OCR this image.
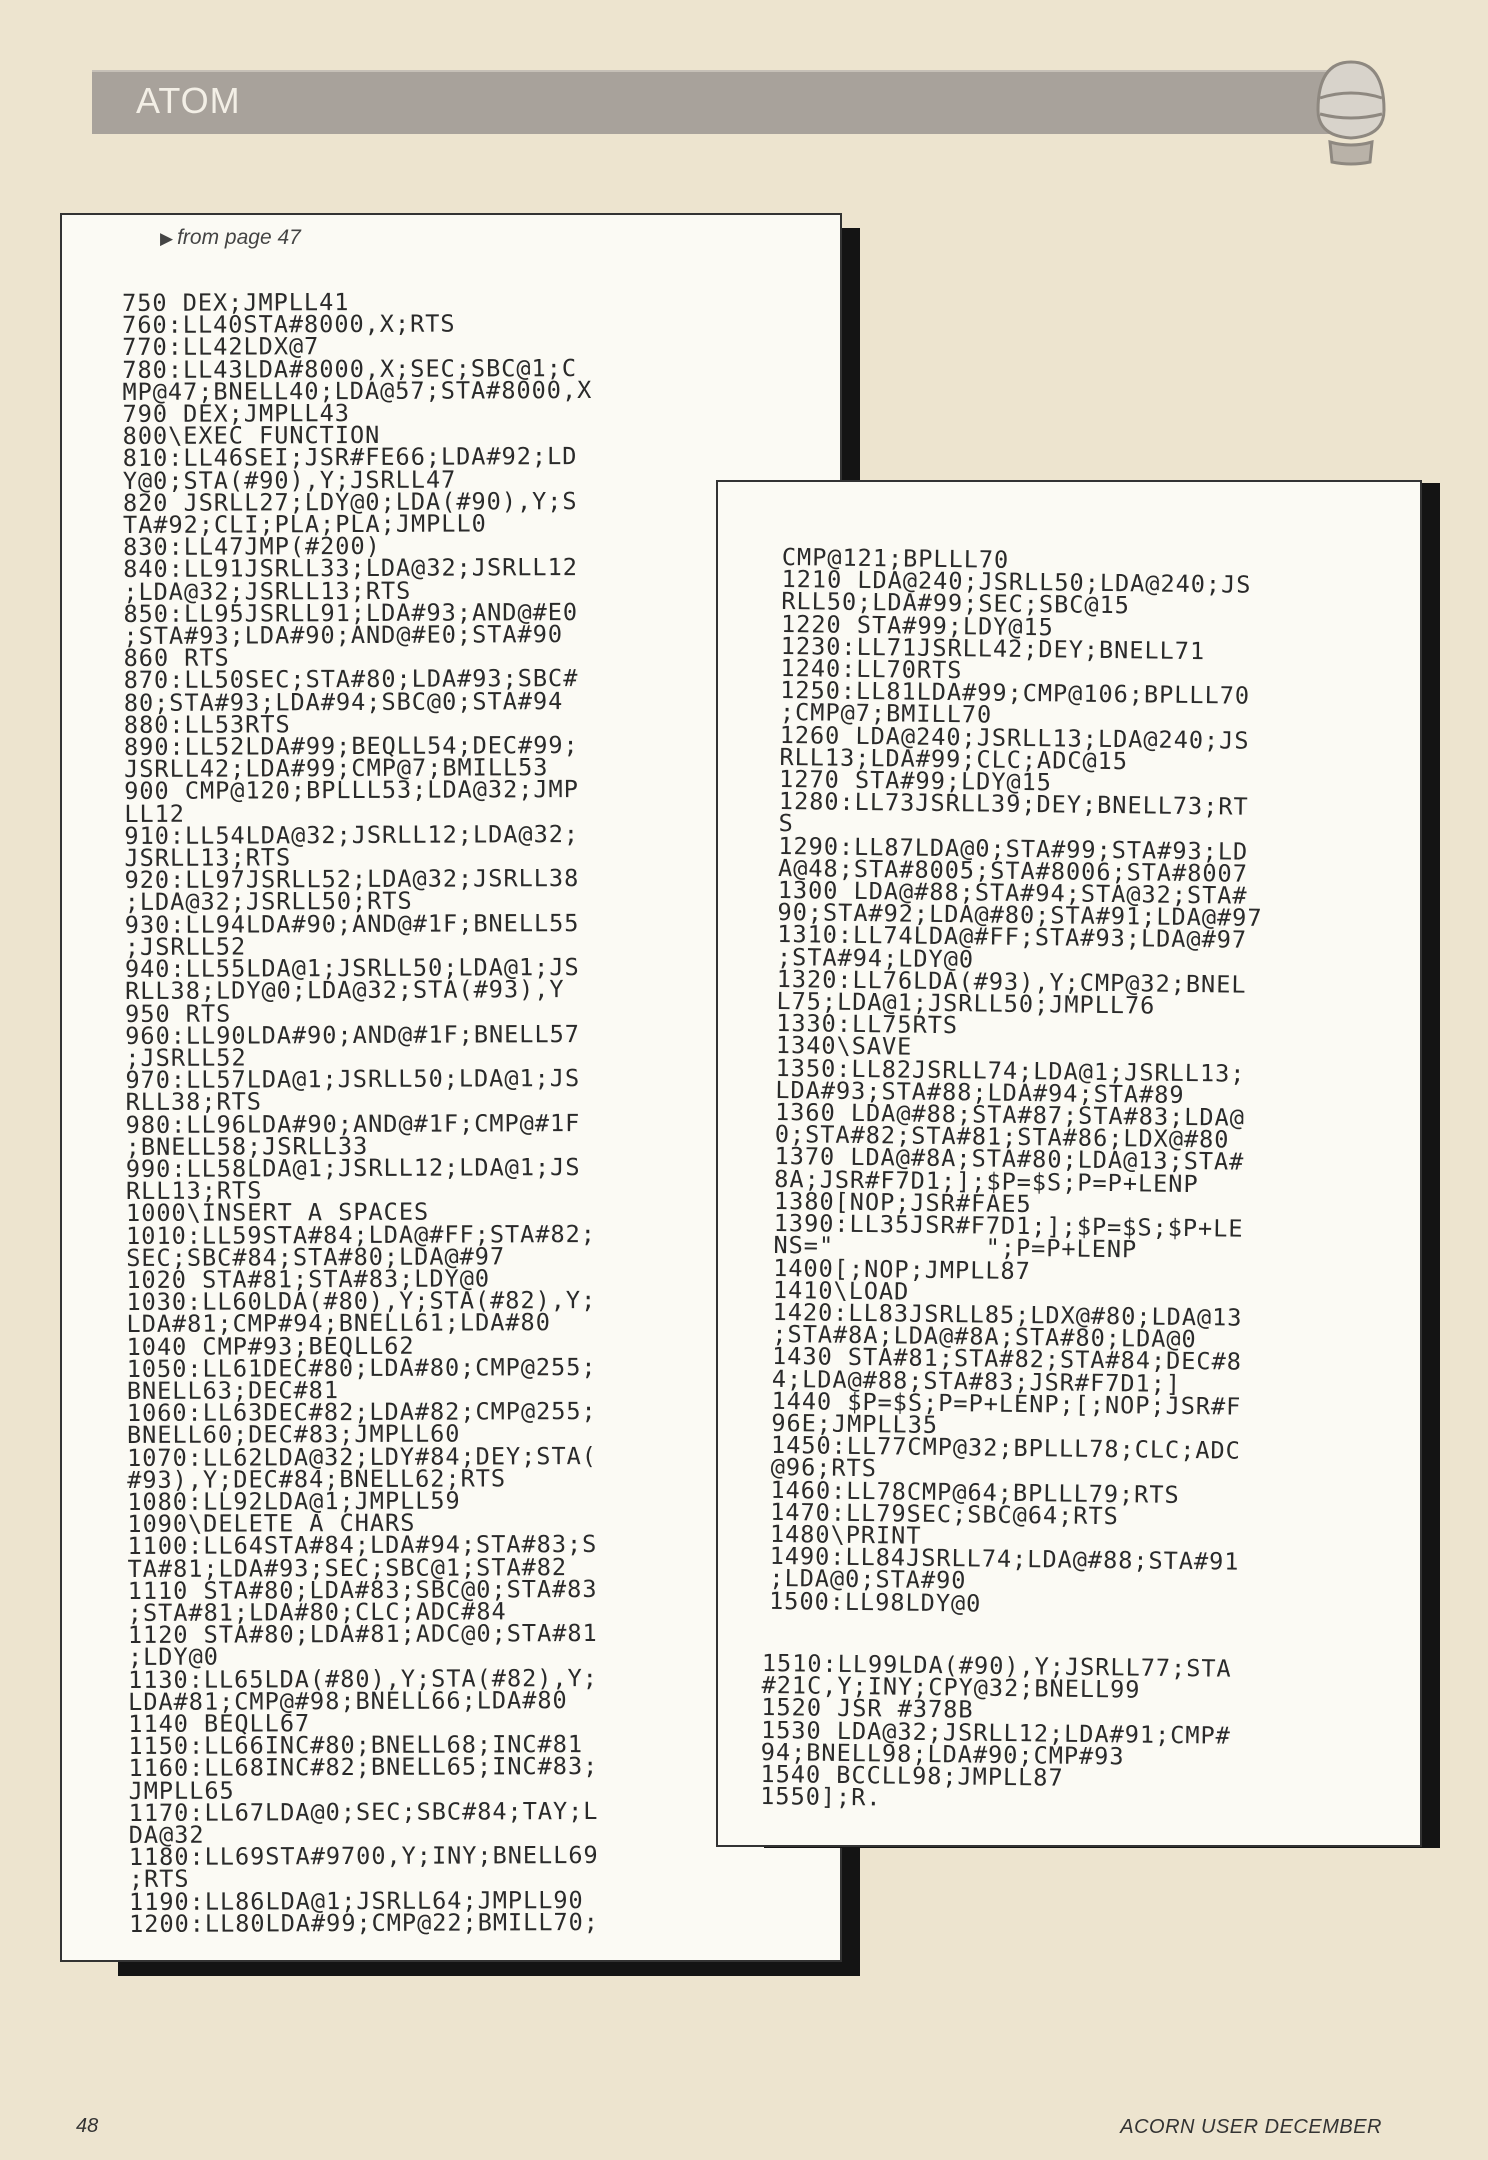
ATOM
▶ from page 47
750 DEX;JMPLL41
760:LL40STA#8000,X;RTS
770:LL42LDX@7
780:LL43LDA#8000,X;SEC;SBC@1;C
MP@47;BNELL40;LDA@57;STA#8000,X
790 DEX;JMPLL43
800\EXEC FUNCTION
810:LL46SEI;JSR#FE66;LDA#92;LD
Y@0;STA(#90),Y;JSRLL47
820 JSRLL27;LDY@0;LDA(#90),Y;S
TA#92;CLI;PLA;PLA;JMPLL0
830:LL47JMP(#200)
840:LL91JSRLL33;LDA@32;JSRLL12
;LDA@32;JSRLL13;RTS
850:LL95JSRLL91;LDA#93;AND@#E0
;STA#93;LDA#90;AND@#E0;STA#90
860 RTS
870:LL50SEC;STA#80;LDA#93;SBC#
80;STA#93;LDA#94;SBC@0;STA#94
880:LL53RTS
890:LL52LDA#99;BEQLL54;DEC#99;
JSRLL42;LDA#99;CMP@7;BMILL53
900 CMP@120;BPLLL53;LDA@32;JMP
LL12
910:LL54LDA@32;JSRLL12;LDA@32;
JSRLL13;RTS
920:LL97JSRLL52;LDA@32;JSRLL38
;LDA@32;JSRLL50;RTS
930:LL94LDA#90;AND@#1F;BNELL55
;JSRLL52
940:LL55LDA@1;JSRLL50;LDA@1;JS
RLL38;LDY@0;LDA@32;STA(#93),Y
950 RTS
960:LL90LDA#90;AND@#1F;BNELL57
;JSRLL52
970:LL57LDA@1;JSRLL50;LDA@1;JS
RLL38;RTS
980:LL96LDA#90;AND@#1F;CMP@#1F
;BNELL58;JSRLL33
990:LL58LDA@1;JSRLL12;LDA@1;JS
RLL13;RTS
1000\INSERT A SPACES
1010:LL59STA#84;LDA@#FF;STA#82;
SEC;SBC#84;STA#80;LDA@#97
1020 STA#81;STA#83;LDY@0
1030:LL60LDA(#80),Y;STA(#82),Y;
LDA#81;CMP#94;BNELL61;LDA#80
1040 CMP#93;BEQLL62
1050:LL61DEC#80;LDA#80;CMP@255;
BNELL63;DEC#81
1060:LL63DEC#82;LDA#82;CMP@255;
BNELL60;DEC#83;JMPLL60
1070:LL62LDA@32;LDY#84;DEY;STA(
#93),Y;DEC#84;BNELL62;RTS
1080:LL92LDA@1;JMPLL59
1090\DELETE A CHARS
1100:LL64STA#84;LDA#94;STA#83;S
TA#81;LDA#93;SEC;SBC@1;STA#82
1110 STA#80;LDA#83;SBC@0;STA#83
;STA#81;LDA#80;CLC;ADC#84
1120 STA#80;LDA#81;ADC@0;STA#81
;LDY@0
1130:LL65LDA(#80),Y;STA(#82),Y;
LDA#81;CMP@#98;BNELL66;LDA#80
1140 BEQLL67
1150:LL66INC#80;BNELL68;INC#81
1160:LL68INC#82;BNELL65;INC#83;
JMPLL65
1170:LL67LDA@0;SEC;SBC#84;TAY;L
DA@32
1180:LL69STA#9700,Y;INY;BNELL69
;RTS
1190:LL86LDA@1;JSRLL64;JMPLL90
1200:LL80LDA#99;CMP@22;BMILL70;
CMP@121;BPLLL70
1210 LDA@240;JSRLL50;LDA@240;JS
RLL50;LDA#99;SEC;SBC@15
1220 STA#99;LDY@15
1230:LL71JSRLL42;DEY;BNELL71
1240:LL70RTS
1250:LL81LDA#99;CMP@106;BPLLL70
;CMP@7;BMILL70
1260 LDA@240;JSRLL13;LDA@240;JS
RLL13;LDA#99;CLC;ADC@15
1270 STA#99;LDY@15
1280:LL73JSRLL39;DEY;BNELL73;RT
S
1290:LL87LDA@0;STA#99;STA#93;LD
A@48;STA#8005;STA#8006;STA#8007
1300 LDA@#88;STA#94;STA@32;STA#
90;STA#92;LDA@#80;STA#91;LDA@#97
1310:LL74LDA@#FF;STA#93;LDA@#97
;STA#94;LDY@0
1320:LL76LDA(#93),Y;CMP@32;BNEL
L75;LDA@1;JSRLL50;JMPLL76
1330:LL75RTS
1340\SAVE
1350:LL82JSRLL74;LDA@1;JSRLL13;
LDA#93;STA#88;LDA#94;STA#89
1360 LDA@#88;STA#87;STA#83;LDA@
0;STA#82;STA#81;STA#86;LDX@#80
1370 LDA@#8A;STA#80;LDA@13;STA#
8A;JSR#F7D1;];$P=$S;P=P+LENP
1380[NOP;JSR#FAE5
1390:LL35JSR#F7D1;];$P=$S;$P+LE
NS="          ";P=P+LENP
1400[;NOP;JMPLL87
1410\LOAD
1420:LL83JSRLL85;LDX@#80;LDA@13
;STA#8A;LDA@#8A;STA#80;LDA@0
1430 STA#81;STA#82;STA#84;DEC#8
4;LDA@#88;STA#83;JSR#F7D1;]
1440 $P=$S;P=P+LENP;[;NOP;JSR#F
96E;JMPLL35
1450:LL77CMP@32;BPLLL78;CLC;ADC
@96;RTS
1460:LL78CMP@64;BPLLL79;RTS
1470:LL79SEC;SBC@64;RTS
1480\PRINT
1490:LL84JSRLL74;LDA@#88;STA#91
;LDA@0;STA#90
1500:LL98LDY@0
1510:LL99LDA(#90),Y;JSRLL77;STA
#21C,Y;INY;CPY@32;BNELL99
1520 JSR #378B
1530 LDA@32;JSRLL12;LDA#91;CMP#
94;BNELL98;LDA#90;CMP#93
1540 BCCLL98;JMPLL87
1550];R.
48	ACORN USER DECEMBER
